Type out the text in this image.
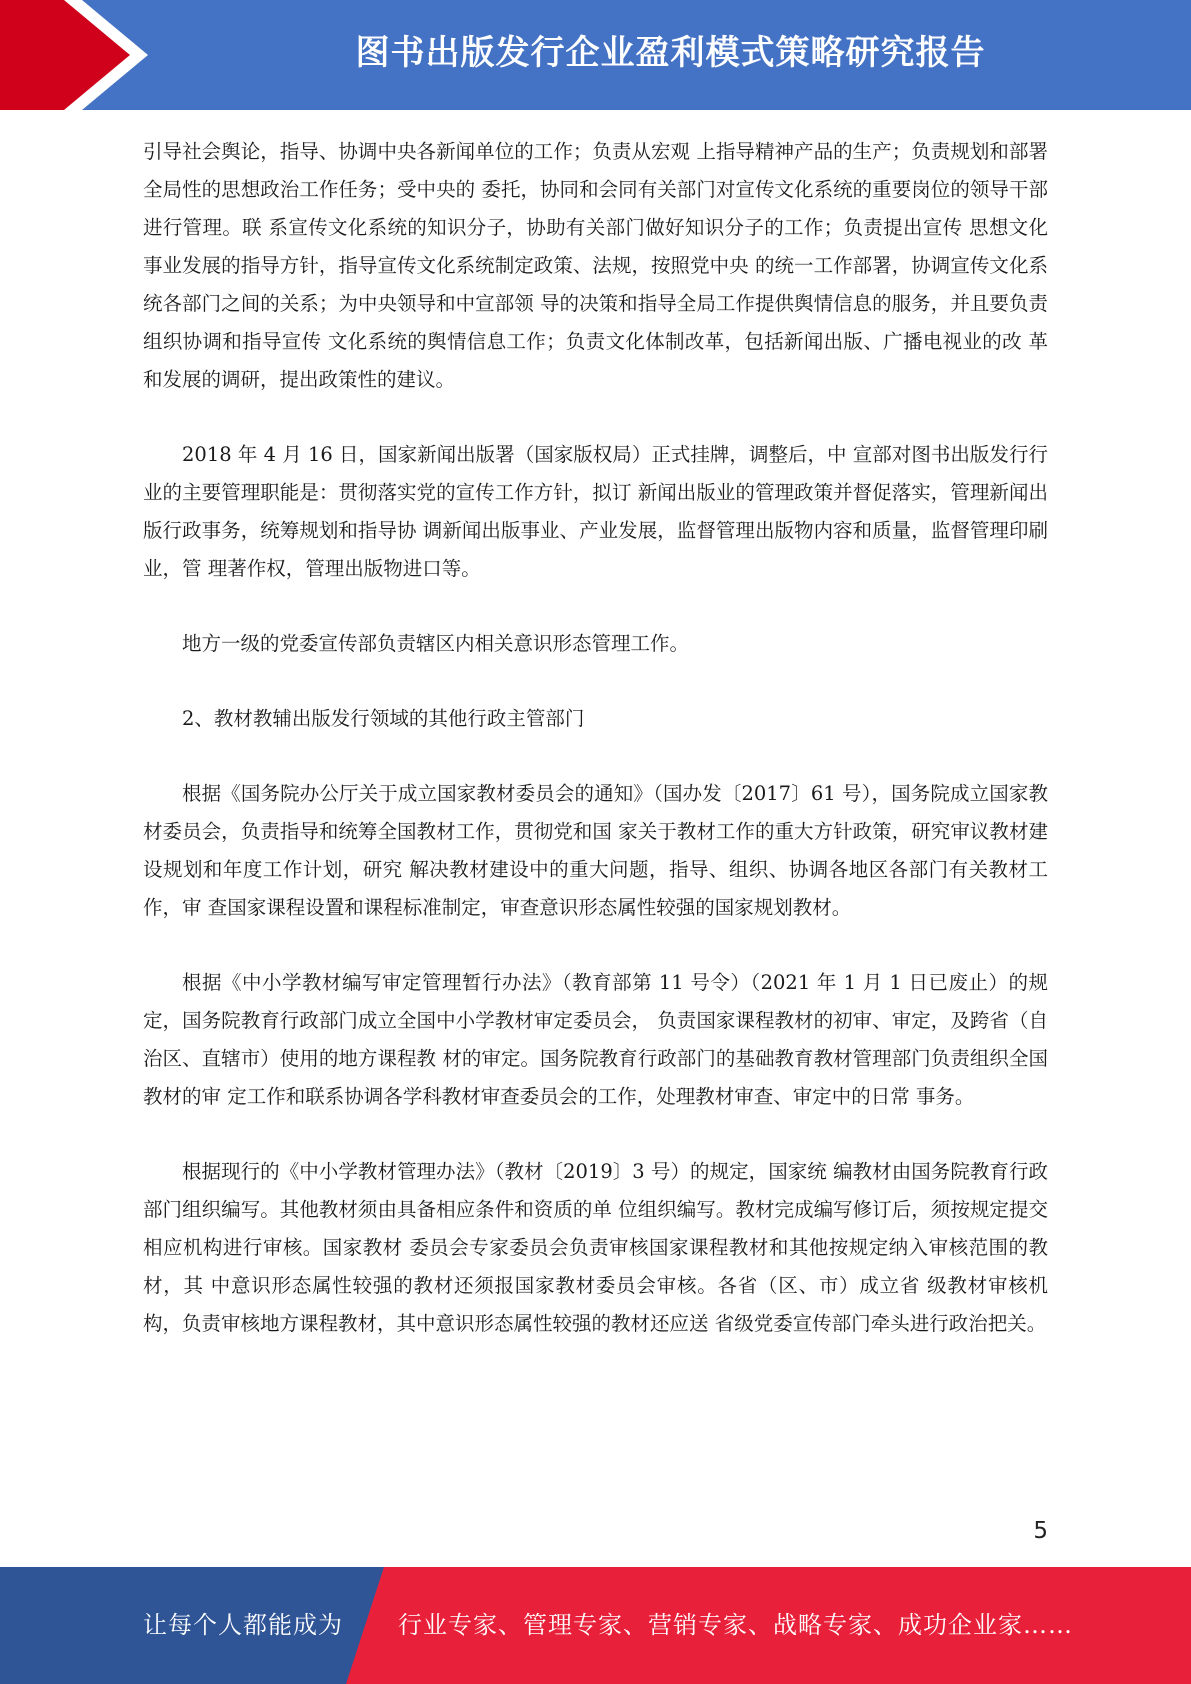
图书出版发行企业盈利模式策略研究报告

引导社会舆论，指导、协调中央各新闻单位的工作；负责从宏观 上指导精神产品的生产；负责规划和部署全局性的思想政治工作任务；受中央的 委托，协同和会同有关部门对宣传文化系统的重要岗位的领导干部进行管理。联 系宣传文化系统的知识分子，协助有关部门做好知识分子的工作；负责提出宣传 思想文化事业发展的指导方针，指导宣传文化系统制定政策、法规，按照党中央 的统一工作部署，协调宣传文化系统各部门之间的关系；为中央领导和中宣部领 导的决策和指导全局工作提供舆情信息的服务，并且要负责组织协调和指导宣传 文化系统的舆情信息工作；负责文化体制改革，包括新闻出版、广播电视业的改 革和发展的调研，提出政策性的建议。

2018 年 4 月 16 日，国家新闻出版署（国家版权局）正式挂牌，调整后，中 宣部对图书出版发行行业的主要管理职能是：贯彻落实党的宣传工作方针，拟订 新闻出版业的管理政策并督促落实，管理新闻出版行政事务，统筹规划和指导协 调新闻出版事业、产业发展，监督管理出版物内容和质量，监督管理印刷业，管 理著作权，管理出版物进口等。

地方一级的党委宣传部负责辖区内相关意识形态管理工作。

2、教材教辅出版发行领域的其他行政主管部门

根据《国务院办公厅关于成立国家教材委员会的通知》（国办发〔2017〕61 号），国务院成立国家教材委员会，负责指导和统筹全国教材工作，贯彻党和国 家关于教材工作的重大方针政策，研究审议教材建设规划和年度工作计划，研究 解决教材建设中的重大问题，指导、组织、协调各地区各部门有关教材工作，审 查国家课程设置和课程标准制定，审查意识形态属性较强的国家规划教材。

根据《中小学教材编写审定管理暂行办法》（教育部第 11 号令）（2021 年 1 月 1 日已废止）的规定，国务院教育行政部门成立全国中小学教材审定委员会， 负责国家课程教材的初审、审定，及跨省（自治区、直辖市）使用的地方课程教 材的审定。国务院教育行政部门的基础教育教材管理部门负责组织全国教材的审 定工作和联系协调各学科教材审查委员会的工作，处理教材审查、审定中的日常 事务。

根据现行的《中小学教材管理办法》（教材〔2019〕3 号）的规定，国家统 编教材由国务院教育行政部门组织编写。其他教材须由具备相应条件和资质的单 位组织编写。教材完成编写修订后，须按规定提交相应机构进行审核。国家教材 委员会专家委员会负责审核国家课程教材和其他按规定纳入审核范围的教材，其 中意识形态属性较强的教材还须报国家教材委员会审核。各省（区、市）成立省 级教材审核机构，负责审核地方课程教材，其中意识形态属性较强的教材还应送 省级党委宣传部门牵头进行政治把关。

5
让每个人都能成为 行业专家、管理专家、营销专家、战略专家、成功企业家……
